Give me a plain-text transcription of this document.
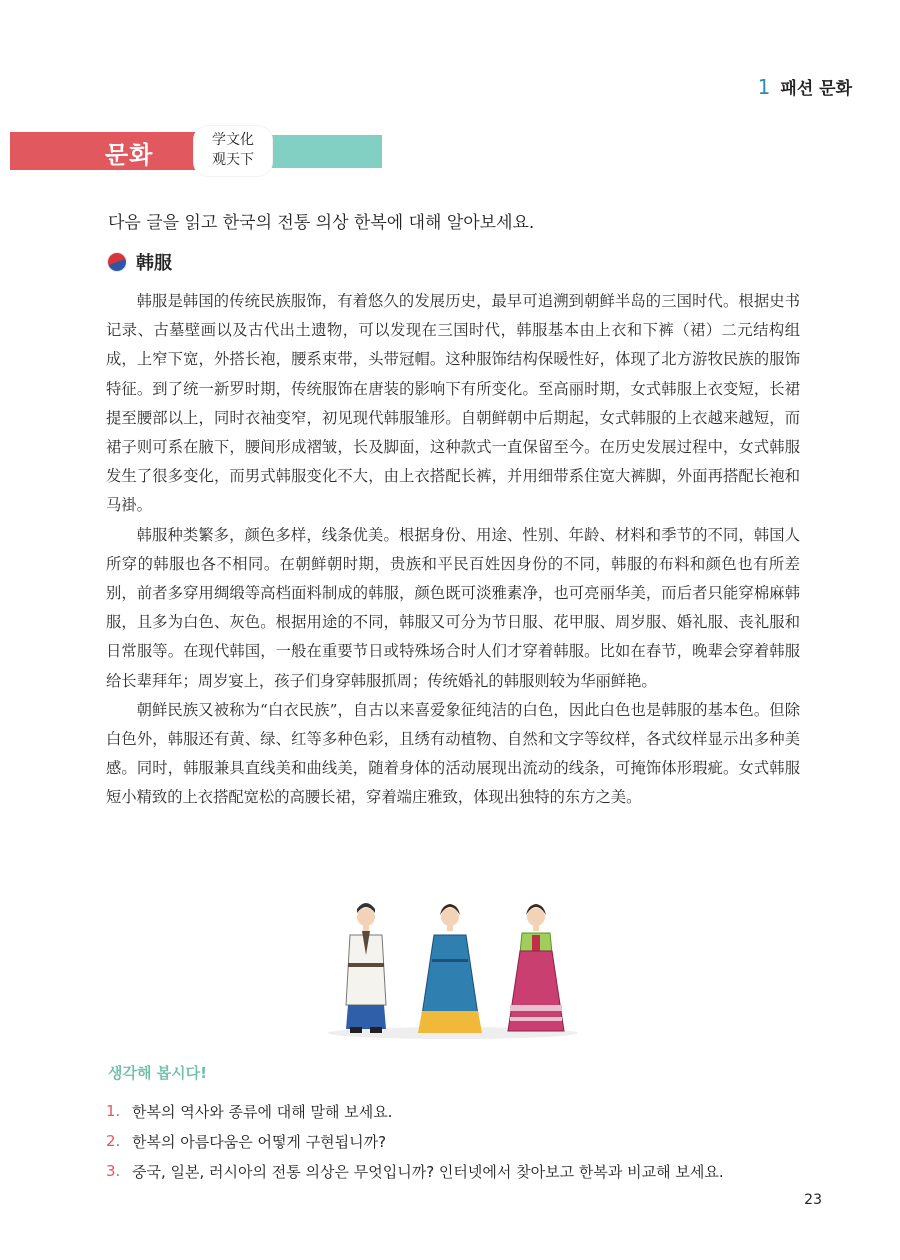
1 패션 문화
문화
学文化
观天下
다음 글을 읽고 한국의 전통 의상 한복에 대해 알아보세요.
韩服

韩服是韩国的传统民族服饰，有着悠久的发展历史，最早可追溯到朝鲜半岛的三国时代。根据史书记录、古墓壁画以及古代出土遗物，可以发现在三国时代，韩服基本由上衣和下裤（裙）二元结构组成，上窄下宽，外搭长袍，腰系束带，头带冠帽。这种服饰结构保暖性好，体现了北方游牧民族的服饰特征。到了统一新罗时期，传统服饰在唐装的影响下有所变化。至高丽时期，女式韩服上衣变短，长裙提至腰部以上，同时衣袖变窄，初见现代韩服雏形。自朝鲜朝中后期起，女式韩服的上衣越来越短，而裙子则可系在腋下，腰间形成褶皱，长及脚面，这种款式一直保留至今。在历史发展过程中，女式韩服发生了很多变化，而男式韩服变化不大，由上衣搭配长裤，并用细带系住宽大裤脚，外面再搭配长袍和马褂。

韩服种类繁多，颜色多样，线条优美。根据身份、用途、性别、年龄、材料和季节的不同，韩国人所穿的韩服也各不相同。在朝鲜朝时期，贵族和平民百姓因身份的不同，韩服的布料和颜色也有所差别，前者多穿用绸缎等高档面料制成的韩服，颜色既可淡雅素净，也可亮丽华美，而后者只能穿棉麻韩服，且多为白色、灰色。根据用途的不同，韩服又可分为节日服、花甲服、周岁服、婚礼服、丧礼服和日常服等。在现代韩国，一般在重要节日或特殊场合时人们才穿着韩服。比如在春节，晚辈会穿着韩服给长辈拜年；周岁宴上，孩子们身穿韩服抓周；传统婚礼的韩服则较为华丽鲜艳。

朝鲜民族又被称为“白衣民族”，自古以来喜爱象征纯洁的白色，因此白色也是韩服的基本色。但除白色外，韩服还有黄、绿、红等多种色彩，且绣有动植物、自然和文字等纹样，各式纹样显示出多种美感。同时，韩服兼具直线美和曲线美，随着身体的活动展现出流动的线条，可掩饰体形瑕疵。女式韩服短小精致的上衣搭配宽松的高腰长裙，穿着端庄雅致，体现出独特的东方之美。

생각해 봅시다!
1. 한복의 역사와 종류에 대해 말해 보세요.
2. 한복의 아름다움은 어떻게 구현됩니까?
3. 중국, 일본, 러시아의 전통 의상은 무엇입니까? 인터넷에서 찾아보고 한복과 비교해 보세요.
23
